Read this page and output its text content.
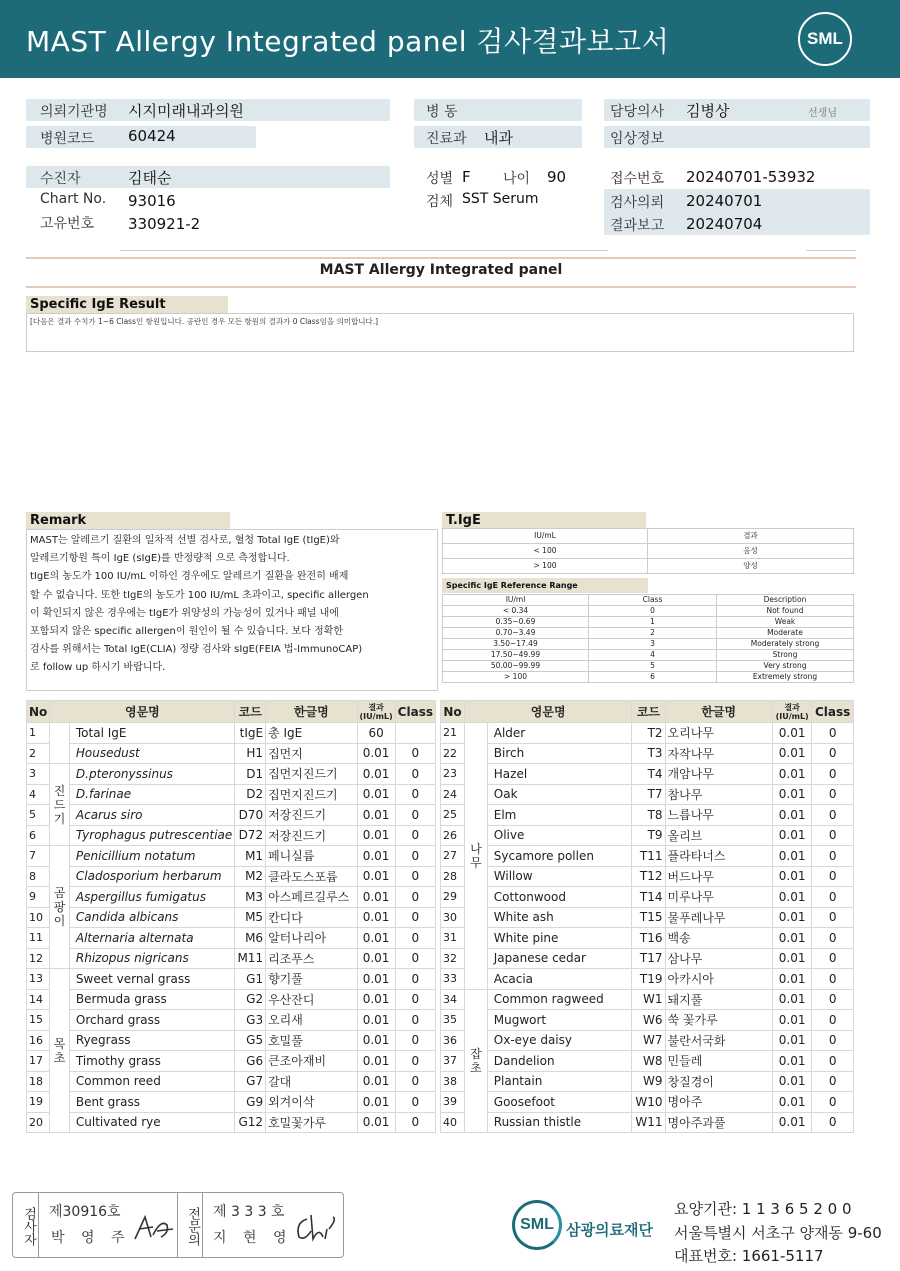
MAST Allergy Integrated panel 검사결과보고서	SML
의뢰기관명 시지미래내과의원
병원코드 60424
병 동
진료과 내과
담당의사 김병상	선생님
임상정보
수진자	김태순
Chart No. 93016
고유번호 330921-2
성별 F 나이 90
검체 SST Serum
접수번호 20240701-53932
검사의뢰 20240701
결과보고 20240704
MAST Allergy Integrated panel
Specific IgE Result
[다음은 결과 수치가 1~6 Class인 항원입니다. 공란인 경우 모든 항원의 결과가 0 Class임을 의미합니다.]
Remark
MAST는 알레르기 질환의 일차적 선별 검사로, 혈청 Total IgE (tIgE)와
알레르기항원 특이 IgE (sIgE)를 반정량적 으로 측정합니다.
tIgE의 농도가 100 IU/mL 이하인 경우에도 알레르기 질환을 완전히 배제
할 수 없습니다. 또한 tIgE의 농도가 100 IU/mL 초과이고, specific allergen
이 확인되지 않은 경우에는 tIgE가 위양성의 가능성이 있거나 패널 내에
포함되지 않은 specific allergen이 원인이 될 수 있습니다. 보다 정확한
검사를 위해서는 Total IgE(CLIA) 정량 검사와 sIgE(FEIA 법-ImmunoCAP)
로 follow up 하시기 바랍니다.
T.IgE
IU/mL	결과
< 100	음성
> 100	양성
Specific IgE Reference Range
IU/ml	Class	Description
< 0.34	0	Not found
0.35~0.69	1	Weak
0.70~3.49	2	Moderate
3.50~17.49	3	Moderately strong
17.50~49.99	4	Strong
50.00~99.99	5	Very strong
> 100	6	Extremely strong
No	영문명		코드	한글명	결과 (IU/mL)	Class
1		Total IgE	tIgE	총 IgE	60	
2		Housedust	H1	집먼지	0.01	0
3	진드기	D.pteronyssinus	D1	집먼지진드기	0.01	0
4		D.farinae	D2	집먼지진드기	0.01	0
5		Acarus siro	D70	저장진드기	0.01	0
6		Tyrophagus putrescentiae	D72	저장진드기	0.01	0
7	곰팡이	Penicillium notatum	M1	페니실륨	0.01	0
8		Cladosporium herbarum	M2	클라도스포륨	0.01	0
9		Aspergillus fumigatus	M3	아스페르길루스	0.01	0
10		Candida albicans	M5	칸디다	0.01	0
11		Alternaria alternata	M6	알터나리아	0.01	0
12		Rhizopus nigricans	M11	리조푸스	0.01	0
13	목초	Sweet vernal grass	G1	향기풀	0.01	0
14		Bermuda grass	G2	우산잔디	0.01	0
15		Orchard grass	G3	오리새	0.01	0
16		Ryegrass	G5	호밀풀	0.01	0
17		Timothy grass	G6	큰조아재비	0.01	0
18		Common reed	G7	갈대	0.01	0
19		Bent grass	G9	외겨이삭	0.01	0
20		Cultivated rye	G12	호밀꽃가루	0.01	0
No	영문명		코드	한글명	결과 (IU/mL)	Class
21	나무	Alder	T2	오리나무	0.01	0
22		Birch	T3	자작나무	0.01	0
23		Hazel	T4	개암나무	0.01	0
24		Oak	T7	참나무	0.01	0
25		Elm	T8	느릅나무	0.01	0
26		Olive	T9	올리브	0.01	0
27		Sycamore pollen	T11	플라타너스	0.01	0
28		Willow	T12	버드나무	0.01	0
29		Cottonwood	T14	미루나무	0.01	0
30		White ash	T15	물푸레나무	0.01	0
31		White pine	T16	백송	0.01	0
32		Japanese cedar	T17	삼나무	0.01	0
33		Acacia	T19	아카시아	0.01	0
34	잡초	Common ragweed	W1	돼지풀	0.01	0
35		Mugwort	W6	쑥 꽃가루	0.01	0
36		Ox-eye daisy	W7	불란서국화	0.01	0
37		Dandelion	W8	민들레	0.01	0
38		Plantain	W9	창질경이	0.01	0
39		Goosefoot	W10	명아주	0.01	0
40		Russian thistle	W11	명아주과풀	0.01	0
검사자 제30916호
박 영 주	전문의 제 3 3 3 호
지 현 영
SML 삼광의료재단
요양기관: 1 1 3 6 5 2 0 0
서울특별시 서초구 양재동 9-60
대표번호: 1661-5117
